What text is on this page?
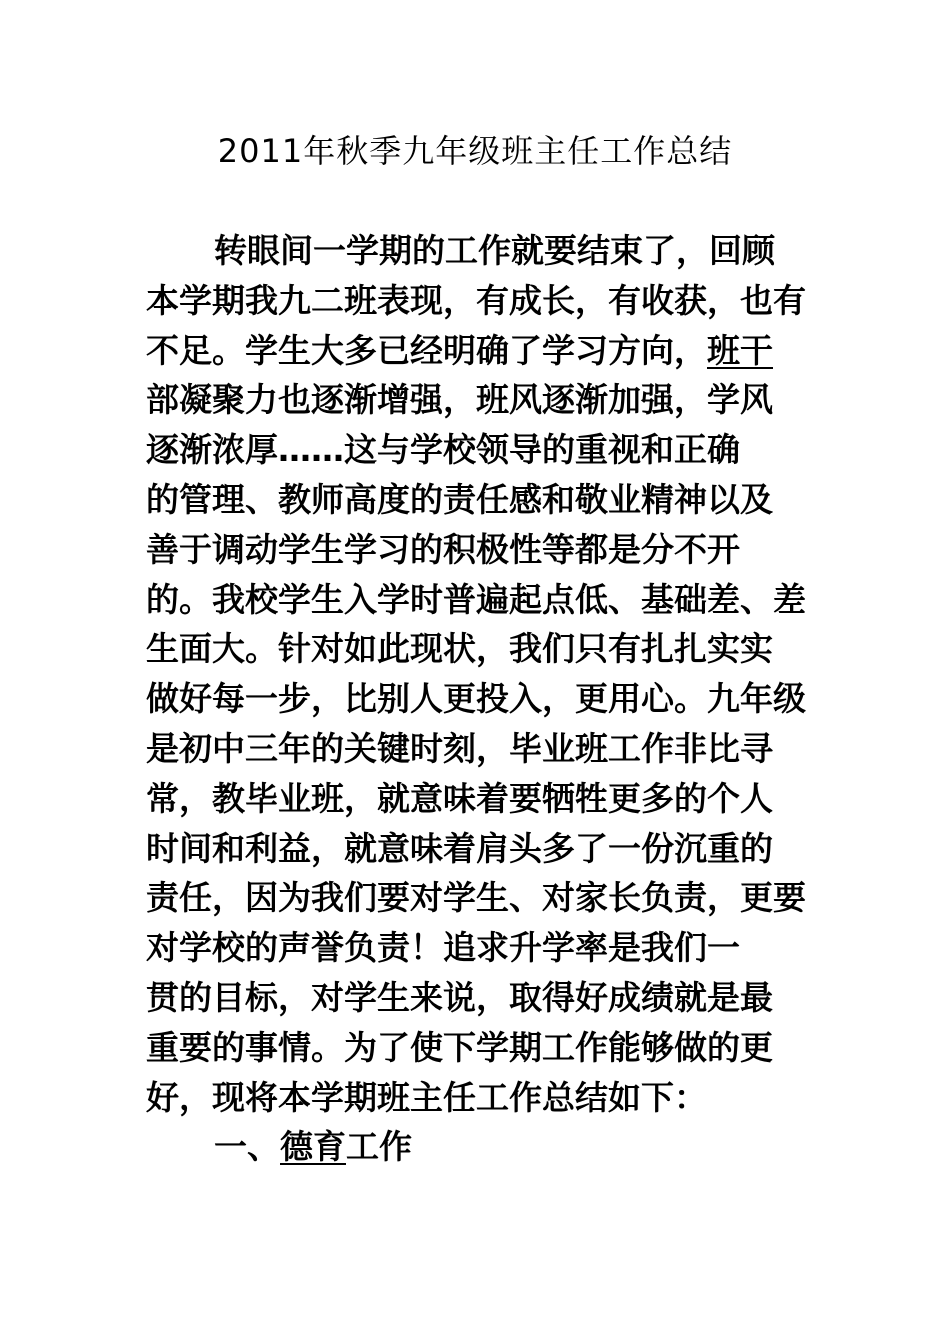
2011年秋季九年级班主任工作总结
转眼间一学期的工作就要结束了，回顾
本学期我九二班表现，有成长，有收获，也有
不足。学生大多已经明确了学习方向，班干
部凝聚力也逐渐增强，班风逐渐加强，学风
逐渐浓厚……这与学校领导的重视和正确
的管理、教师高度的责任感和敬业精神以及
善于调动学生学习的积极性等都是分不开
的。我校学生入学时普遍起点低、基础差、差
生面大。针对如此现状，我们只有扎扎实实
做好每一步，比别人更投入，更用心。九年级
是初中三年的关键时刻，毕业班工作非比寻
常，教毕业班，就意味着要牺牲更多的个人
时间和利益，就意味着肩头多了一份沉重的
责任，因为我们要对学生、对家长负责，更要
对学校的声誉负责！追求升学率是我们一
贯的目标，对学生来说，取得好成绩就是最
重要的事情。为了使下学期工作能够做的更
好，现将本学期班主任工作总结如下：
一、德育工作
